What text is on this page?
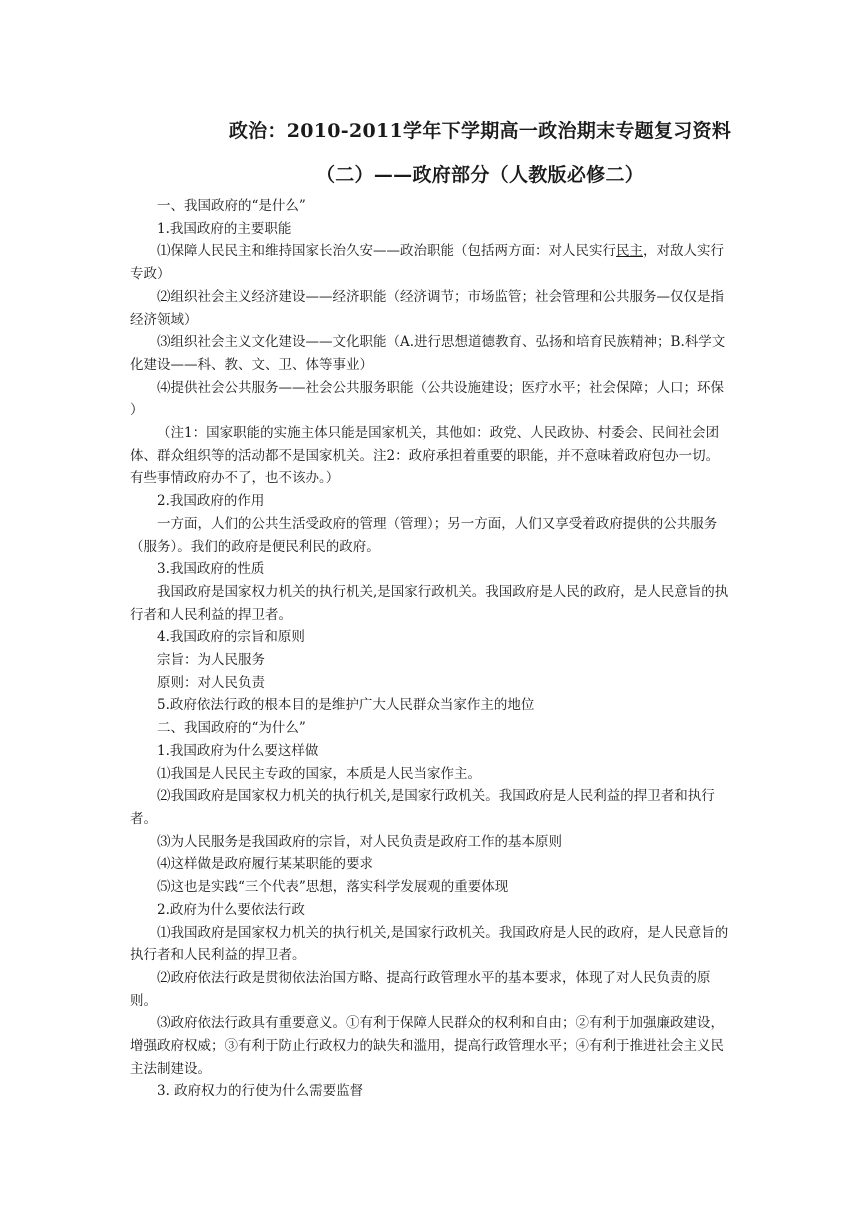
政治：2010-2011学年下学期高一政治期末专题复习资料
（二）——政府部分（人教版必修二）

一、我国政府的“是什么”

1.我国政府的主要职能

⑴保障人民民主和维持国家长治久安——政治职能（包括两方面：对人民实行民主，对敌人实行专政）

⑵组织社会主义经济建设——经济职能（经济调节；市场监管；社会管理和公共服务—仅仅是指经济领域）

⑶组织社会主义文化建设——文化职能（A.进行思想道德教育、弘扬和培育民族精神；B.科学文化建设——科、教、文、卫、体等事业）

⑷提供社会公共服务——社会公共服务职能（公共设施建设；医疗水平；社会保障；人口；环保 ）

（注1：国家职能的实施主体只能是国家机关，其他如：政党、人民政协、村委会、民间社会团体、群众组织等的活动都不是国家机关。注2：政府承担着重要的职能，并不意味着政府包办一切。有些事情政府办不了，也不该办。）

2.我国政府的作用

一方面，人们的公共生活受政府的管理（管理）；另一方面，人们又享受着政府提供的公共服务（服务）。我们的政府是便民利民的政府。

3.我国政府的性质

我国政府是国家权力机关的执行机关,是国家行政机关。我国政府是人民的政府，是人民意旨的执行者和人民利益的捍卫者。

4.我国政府的宗旨和原则

宗旨：为人民服务

原则：对人民负责

5.政府依法行政的根本目的是维护广大人民群众当家作主的地位

二、我国政府的“为什么”

1.我国政府为什么要这样做

⑴我国是人民民主专政的国家，本质是人民当家作主。

⑵我国政府是国家权力机关的执行机关,是国家行政机关。我国政府是人民利益的捍卫者和执行者。

⑶为人民服务是我国政府的宗旨，对人民负责是政府工作的基本原则

⑷这样做是政府履行某某职能的要求

⑸这也是实践“三个代表”思想，落实科学发展观的重要体现

2.政府为什么要依法行政

⑴我国政府是国家权力机关的执行机关,是国家行政机关。我国政府是人民的政府，是人民意旨的执行者和人民利益的捍卫者。

⑵政府依法行政是贯彻依法治国方略、提高行政管理水平的基本要求，体现了对人民负责的原则。

⑶政府依法行政具有重要意义。①有利于保障人民群众的权利和自由；②有利于加强廉政建设，增强政府权威；③有利于防止行政权力的缺失和滥用，提高行政管理水平；④有利于推进社会主义民主法制建设。

3. 政府权力的行使为什么需要监督
